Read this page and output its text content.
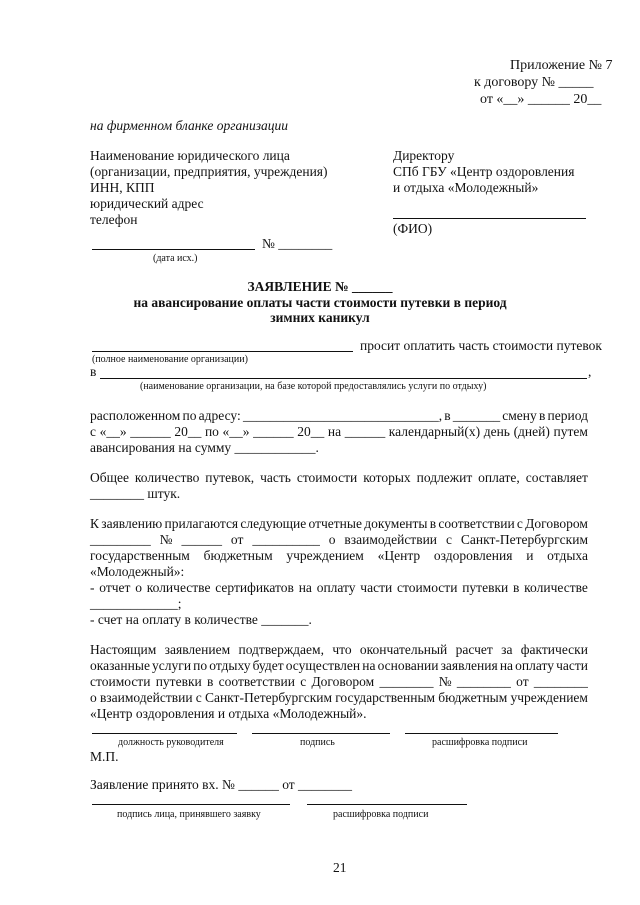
Приложение № 7
к договору № _____
от «__» ______ 20__
на фирменном бланке организации
Наименование юридического лица
(организации, предприятия, учреждения)
ИНН, КПП
юридический адрес
телефон
Директору
СПб ГБУ «Центр оздоровления
и отдыха «Молодежный»
(ФИО)
№ ________
(дата исх.)
ЗАЯВЛЕНИЕ № ______
на авансирование оплаты части стоимости путевки в период
зимних каникул
просит оплатить часть стоимости путевок
(полное наименование организации)
в	,
(наименование организации, на базе которой предоставлялись услуги по отдыху)
расположенном по адресу: _____________________________, в _______ смену в период
с «__» ______ 20__ по «__» ______ 20__ на ______ календарный(х) день (дней) путем
авансирования на сумму ____________.
Общее количество путевок, часть стоимости которых подлежит оплате, составляет
________ штук.
К заявлению прилагаются следующие отчетные документы в соответствии с Договором
_________ № ______ от __________ о взаимодействии с Санкт-Петербургским
государственным бюджетным учреждением «Центр оздоровления и отдыха
«Молодежный»:
- отчет о количестве сертификатов на оплату части стоимости путевки в количестве
_____________;
- счет на оплату в количестве _______.
Настоящим заявлением подтверждаем, что окончательный расчет за фактически
оказанные услуги по отдыху будет осуществлен на основании заявления на оплату части
стоимости путевки в соответствии с Договором ________ № ________ от ________
о взаимодействии с Санкт-Петербургским государственным бюджетным учреждением
«Центр оздоровления и отдыха «Молодежный».
должность руководителя	подпись	расшифровка подписи
М.П.
Заявление принято вх. № ______ от ________
подпись лица, принявшего заявку	расшифровка подписи
21
